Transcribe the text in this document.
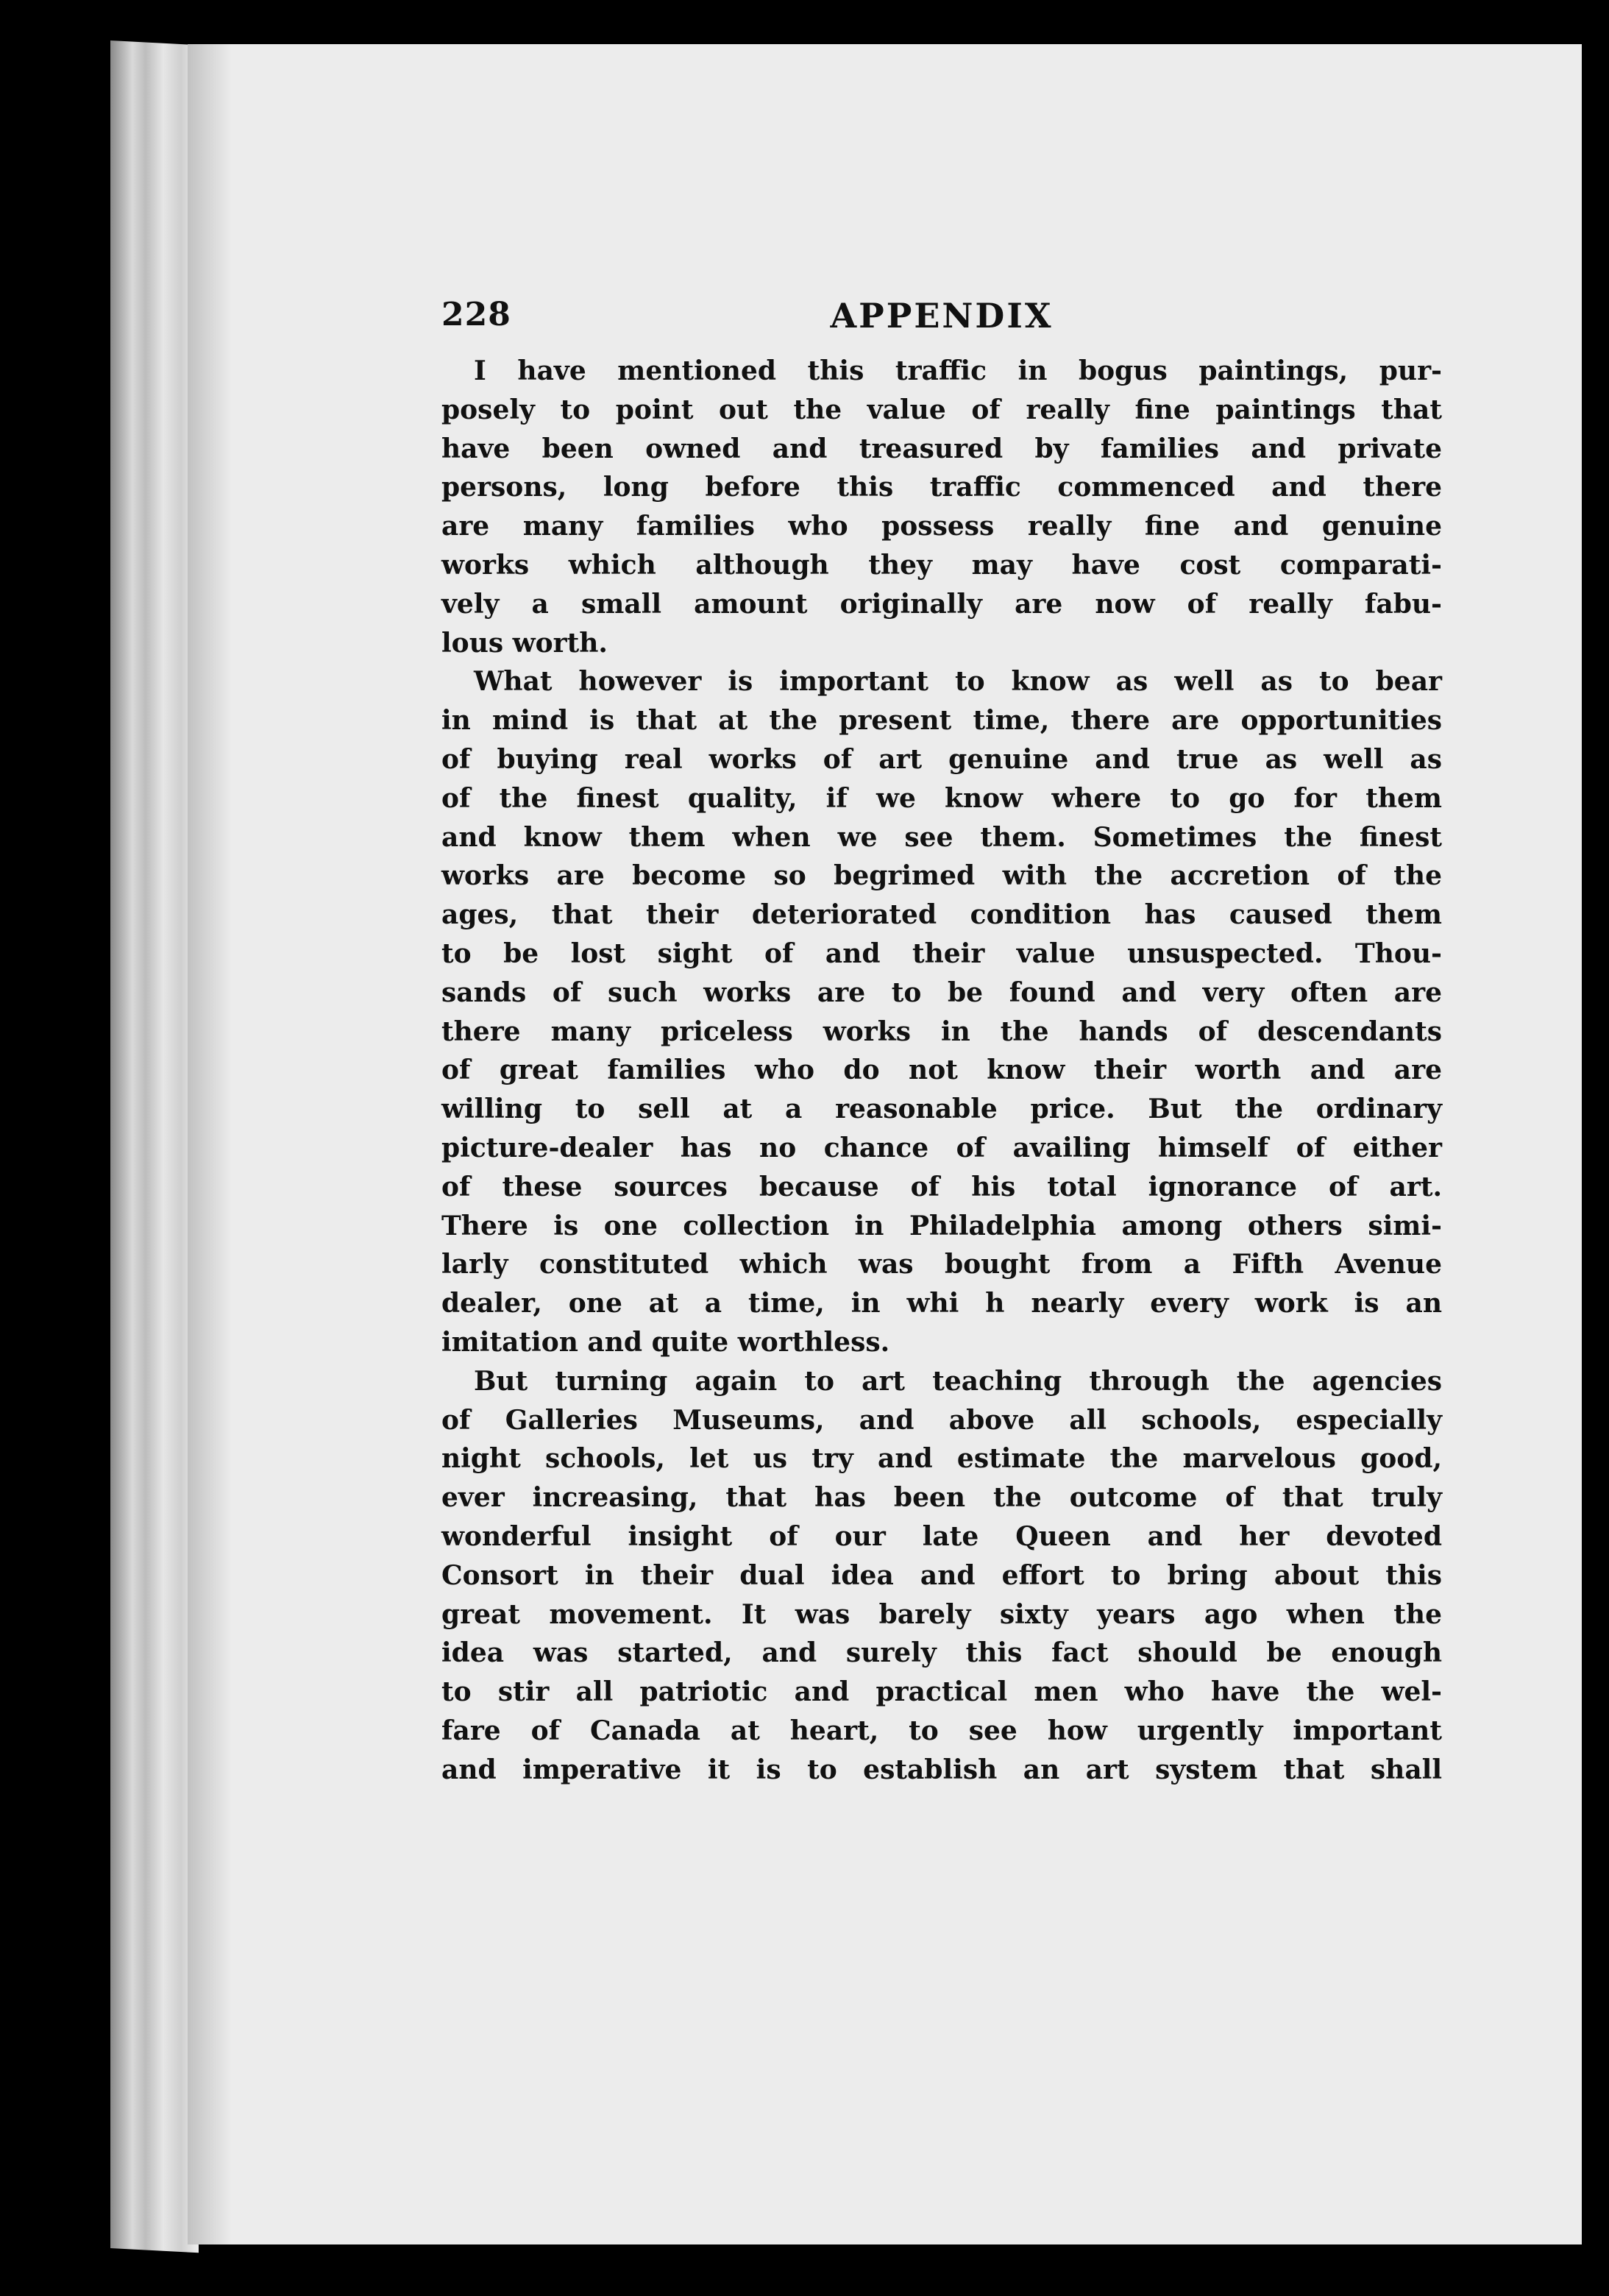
228	APPENDIX
I have mentioned this traffic in bogus paintings, pur-
posely to point out the value of really fine paintings that
have been owned and treasured by families and private
persons, long before this traffic commenced and there
are many families who possess really fine and genuine
works which although they may have cost comparati-
vely a small amount originally are now of really fabu-
lous worth.
What however is important to know as well as to bear
in mind is that at the present time, there are opportunities
of buying real works of art genuine and true as well as
of the finest quality, if we know where to go for them
and know them when we see them. Sometimes the finest
works are become so begrimed with the accretion of the
ages, that their deteriorated condition has caused them
to be lost sight of and their value unsuspected. Thou-
sands of such works are to be found and very often are
there many priceless works in the hands of descendants
of great families who do not know their worth and are
willing to sell at a reasonable price. But the ordinary
picture-dealer has no chance of availing himself of either
of these sources because of his total ignorance of art.
There is one collection in Philadelphia among others simi-
larly constituted which was bought from a Fifth Avenue
dealer, one at a time, in whi h nearly every work is an
imitation and quite worthless.
But turning again to art teaching through the agencies
of Galleries Museums, and above all schools, especially
night schools, let us try and estimate the marvelous good,
ever increasing, that has been the outcome of that truly
wonderful insight of our late Queen and her devoted
Consort in their dual idea and effort to bring about this
great movement. It was barely sixty years ago when the
idea was started, and surely this fact should be enough
to stir all patriotic and practical men who have the wel-
fare of Canada at heart, to see how urgently important
and imperative it is to establish an art system that shall
